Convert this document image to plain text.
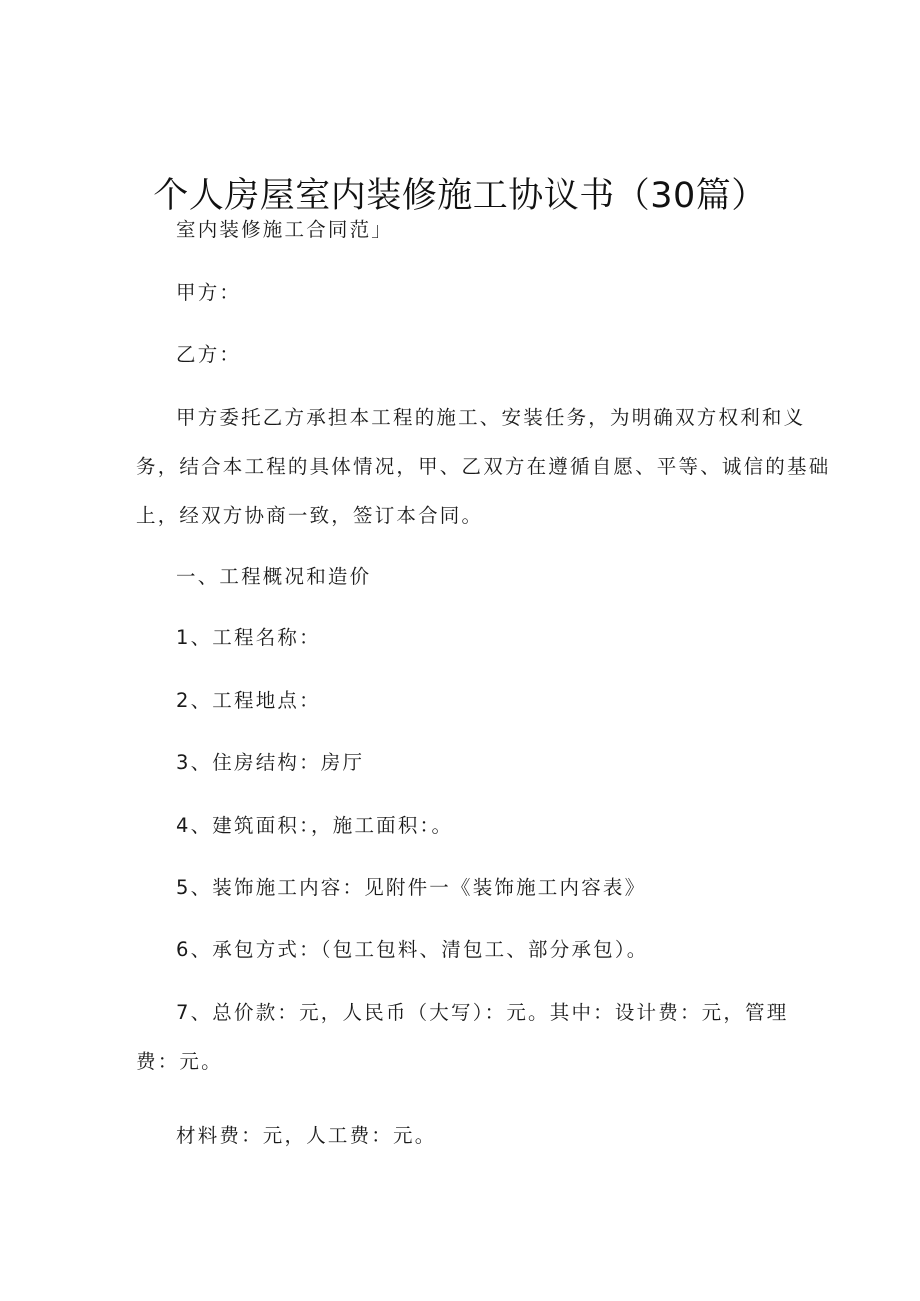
个人房屋室内装修施工协议书（30篇）
室内装修施工合同范」
甲方：
乙方：
甲方委托乙方承担本工程的施工、安装任务，为明确双方权利和义
务，结合本工程的具体情况，甲、乙双方在遵循自愿、平等、诚信的基础
上，经双方协商一致，签订本合同。
一、工程概况和造价
1、工程名称：
2、工程地点：
3、住房结构：房厅
4、建筑面积：，施工面积：。
5、装饰施工内容：见附件一《装饰施工内容表》
6、承包方式：（包工包料、清包工、部分承包）。
7、总价款：元，人民币（大写）：元。其中：设计费：元，管理
费：元。
材料费：元，人工费：元。
